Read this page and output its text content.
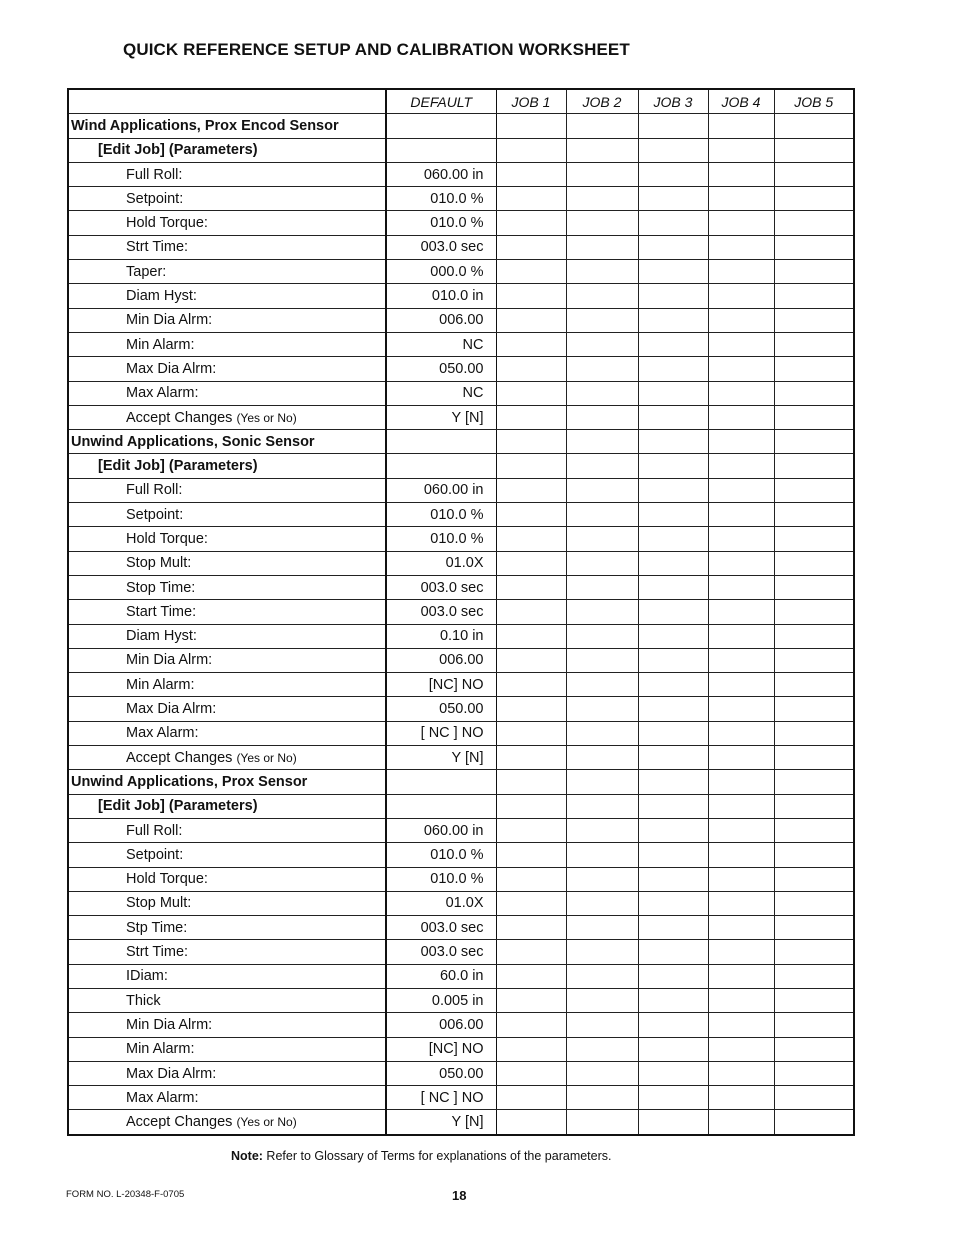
QUICK REFERENCE SETUP AND CALIBRATION WORKSHEET
	DEFAULT	JOB 1	JOB 2	JOB 3	JOB 4	JOB 5
Wind Applications, Prox Encod Sensor						
[Edit Job] (Parameters)						
Full Roll:	060.00 in					
Setpoint:	010.0 %					
Hold Torque:	010.0 %					
Strt Time:	003.0 sec					
Taper:	000.0 %					
Diam Hyst:	010.0 in					
Min Dia Alrm:	006.00					
Min Alarm:	NC					
Max Dia Alrm:	050.00					
Max Alarm:	NC					
Accept Changes (Yes or No)	Y [N]					
Unwind Applications, Sonic Sensor						
[Edit Job] (Parameters)						
Full Roll:	060.00 in					
Setpoint:	010.0 %					
Hold Torque:	010.0 %					
Stop Mult:	01.0X					
Stop Time:	003.0 sec					
Start Time:	003.0 sec					
Diam Hyst:	0.10 in					
Min Dia Alrm:	006.00					
Min Alarm:	[NC] NO					
Max Dia Alrm:	050.00					
Max Alarm:	[ NC ] NO					
Accept Changes (Yes or No)	Y [N]					
Unwind Applications, Prox Sensor						
[Edit Job] (Parameters)						
Full Roll:	060.00 in					
Setpoint:	010.0 %					
Hold Torque:	010.0 %					
Stop Mult:	01.0X					
Stp Time:	003.0 sec					
Strt Time:	003.0 sec					
IDiam:	60.0 in					
Thick	0.005 in					
Min Dia Alrm:	006.00					
Min Alarm:	[NC] NO					
Max Dia Alrm:	050.00					
Max Alarm:	[ NC ] NO					
Accept Changes (Yes or No)	Y [N]					
Note: Refer to Glossary of Terms for explanations of the parameters.
FORM NO. L-20348-F-0705	18
